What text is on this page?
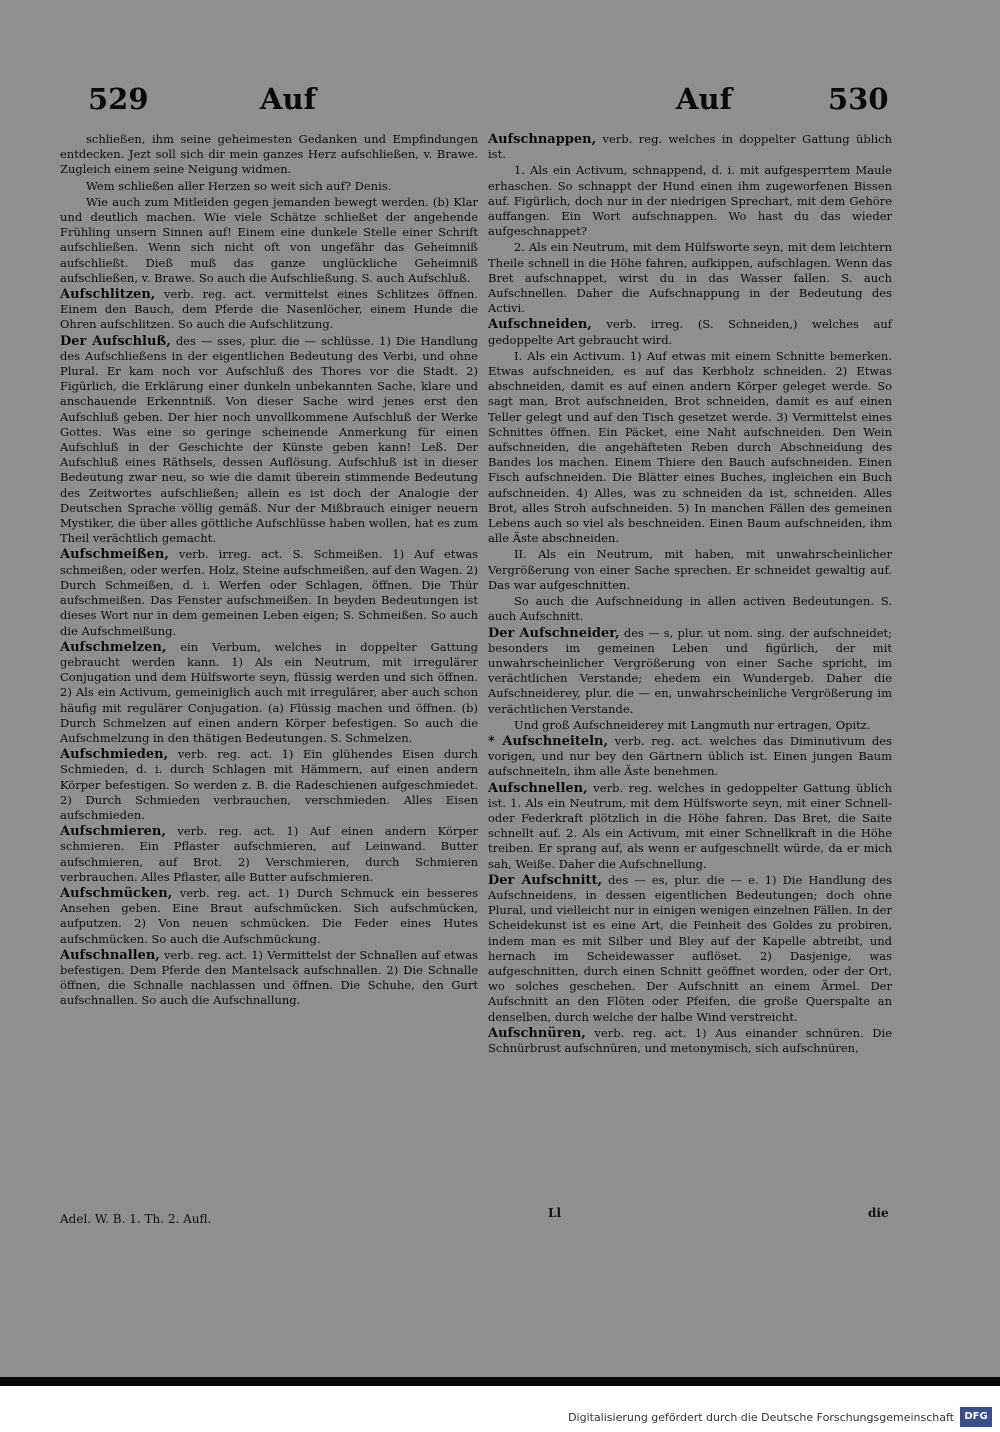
529	Auf	Auf	530
schließen, ihm seine geheimesten Gedanken und Empfindungen entdecken. Jezt soll sich dir mein ganzes Herz aufschließen, v. Brawe. Zugleich einem seine Neigung widmen.
Wem schließen aller Herzen so weit sich auf? Denis.
Wie auch zum Mitleiden gegen jemanden bewegt werden. (b) Klar und deutlich machen. Wie viele Schätze schließet der angehende Frühling unsern Sinnen auf! Einem eine dunkele Stelle einer Schrift aufschließen. Wenn sich nicht oft von ungefähr das Geheimniß aufschließt. Dieß muß das ganze unglückliche Geheimniß aufschließen, v. Brawe. So auch die Aufschließung. S. auch Aufschluß.
Aufschlitzen, verb. reg. act. vermittelst eines Schlitzes öffnen. Einem den Bauch, dem Pferde die Nasenlöcher, einem Hunde die Ohren aufschlitzen. So auch die Aufschlitzung.
Der Aufschluß, des — sses, plur. die — schlüsse. 1) Die Handlung des Aufschließens in der eigentlichen Bedeutung des Verbi, und ohne Plural. Er kam noch vor Aufschluß des Thores vor die Stadt. 2) Figürlich, die Erklärung einer dunkeln unbekannten Sache, klare und anschauende Erkenntniß. Von dieser Sache wird jenes erst den Aufschluß geben. Der hier noch unvollkommene Aufschluß der Werke Gottes. Was eine so geringe scheinende Anmerkung für einen Aufschluß in der Geschichte der Künste geben kann! Leß. Der Aufschluß eines Räthsels, dessen Auflösung. Aufschluß ist in dieser Bedeutung zwar neu, so wie die damit überein stimmende Bedeutung des Zeitwortes aufschließen; allein es ist doch der Analogie der Deutschen Sprache völlig gemäß. Nur der Mißbrauch einiger neuern Mystiker, die über alles göttliche Aufschlüsse haben wollen, hat es zum Theil verächtlich gemacht.
Aufschmeißen, verb. irreg. act. S. Schmeißen. 1) Auf etwas schmeißen, oder werfen. Holz, Steine aufschmeißen, auf den Wagen. 2) Durch Schmeißen, d. i. Werfen oder Schlagen, öffnen. Die Thür aufschmeißen. Das Fenster aufschmeißen. In beyden Bedeutungen ist dieses Wort nur in dem gemeinen Leben eigen; S. Schmeißen. So auch die Aufschmeißung.
Aufschmelzen, ein Verbum, welches in doppelter Gattung gebraucht werden kann. 1) Als ein Neutrum, mit irregulärer Conjugation und dem Hülfsworte seyn, flüssig werden und sich öffnen. 2) Als ein Activum, gemeiniglich auch mit irregulärer, aber auch schon häufig mit regulärer Conjugation. (a) Flüssig machen und öffnen. (b) Durch Schmelzen auf einen andern Körper befestigen. So auch die Aufschmelzung in den thätigen Bedeutungen. S. Schmelzen.
Aufschmieden, verb. reg. act. 1) Ein glühendes Eisen durch Schmieden, d. i. durch Schlagen mit Hämmern, auf einen andern Körper befestigen. So werden z. B. die Radeschienen aufgeschmiedet. 2) Durch Schmieden verbrauchen, verschmieden. Alles Eisen aufschmieden.
Aufschmieren, verb. reg. act. 1) Auf einen andern Körper schmieren. Ein Pflaster aufschmieren, auf Leinwand. Butter aufschmieren, auf Brot. 2) Verschmieren, durch Schmieren verbrauchen. Alles Pflaster, alle Butter aufschmieren.
Aufschmücken, verb. reg. act. 1) Durch Schmuck ein besseres Ansehen geben. Eine Braut aufschmücken. Sich aufschmücken, aufputzen. 2) Von neuen schmücken. Die Feder eines Hutes aufschmücken. So auch die Aufschmückung.
Aufschnallen, verb. reg. act. 1) Vermittelst der Schnallen auf etwas befestigen. Dem Pferde den Mantelsack aufschnallen. 2) Die Schnalle öffnen, die Schnalle nachlassen und öffnen. Die Schuhe, den Gurt aufschnallen. So auch die Aufschnallung.
Aufschnappen, verb. reg. welches in doppelter Gattung üblich ist.
1. Als ein Activum, schnappend, d. i. mit aufgesperrtem Maule erhaschen. So schnappt der Hund einen ihm zugeworfenen Bissen auf. Figürlich, doch nur in der niedrigen Sprechart, mit dem Gehöre auffangen. Ein Wort aufschnappen. Wo hast du das wieder aufgeschnappet?
2. Als ein Neutrum, mit dem Hülfsworte seyn, mit dem leichtern Theile schnell in die Höhe fahren, aufkippen, aufschlagen. Wenn das Bret aufschnappet, wirst du in das Wasser fallen. S. auch Aufschnellen. Daher die Aufschnappung in der Bedeutung des Activi.
Aufschneiden, verb. irreg. (S. Schneiden,) welches auf gedoppelte Art gebraucht wird.
I. Als ein Activum. 1) Auf etwas mit einem Schnitte bemerken. Etwas aufschneiden, es auf das Kerbholz schneiden. 2) Etwas abschneiden, damit es auf einen andern Körper geleget werde. So sagt man, Brot aufschneiden, Brot schneiden, damit es auf einen Teller gelegt und auf den Tisch gesetzet werde. 3) Vermittelst eines Schnittes öffnen. Ein Päcket, eine Naht aufschneiden. Den Wein aufschneiden, die angehäfteten Reben durch Abschneidung des Bandes los machen. Einem Thiere den Bauch aufschneiden. Einen Fisch aufschneiden. Die Blätter eines Buches, ingleichen ein Buch aufschneiden. 4) Alles, was zu schneiden da ist, schneiden. Alles Brot, alles Stroh aufschneiden. 5) In manchen Fällen des gemeinen Lebens auch so viel als beschneiden. Einen Baum aufschneiden, ihm alle Äste abschneiden.
II. Als ein Neutrum, mit haben, mit unwahrscheinlicher Vergrößerung von einer Sache sprechen. Er schneidet gewaltig auf. Das war aufgeschnitten.
So auch die Aufschneidung in allen activen Bedeutungen. S. auch Aufschnitt.
Der Aufschneider, des — s, plur. ut nom. sing. der aufschneidet; besonders im gemeinen Leben und figürlich, der mit unwahrscheinlicher Vergrößerung von einer Sache spricht, im verächtlichen Verstande; ehedem ein Wundergeb. Daher die Aufschneiderey, plur. die — en, unwahrscheinliche Vergrößerung im verächtlichen Verstande.
Und groß Aufschneiderey mit Langmuth nur ertragen, Opitz.
* Aufschneiteln, verb. reg. act. welches das Diminutivum des vorigen, und nur bey den Gärtnern üblich ist. Einen jungen Baum aufschneiteln, ihm alle Äste benehmen.
Aufschnellen, verb. reg. welches in gedoppelter Gattung üblich ist. 1. Als ein Neutrum, mit dem Hülfsworte seyn, mit einer Schnell- oder Federkraft plötzlich in die Höhe fahren. Das Bret, die Saite schnellt auf. 2. Als ein Activum, mit einer Schnellkraft in die Höhe treiben. Er sprang auf, als wenn er aufgeschnellt würde, da er mich sah, Weiße. Daher die Aufschnellung.
Der Aufschnitt, des — es, plur. die — e. 1) Die Handlung des Aufschneidens, in dessen eigentlichen Bedeutungen; doch ohne Plural, und vielleicht nur in einigen wenigen einzelnen Fällen. In der Scheidekunst ist es eine Art, die Feinheit des Goldes zu probiren, indem man es mit Silber und Bley auf der Kapelle abtreibt, und hernach im Scheidewasser auflöset. 2) Dasjenige, was aufgeschnitten, durch einen Schnitt geöffnet worden, oder der Ort, wo solches geschehen. Der Aufschnitt an einem Ärmel. Der Aufschnitt an den Flöten oder Pfeifen, die große Querspalte an denselben, durch welche der halbe Wind verstreicht.
Aufschnüren, verb. reg. act. 1) Aus einander schnüren. Die Schnürbrust aufschnüren, und metonymisch, sich aufschnüren,
Adel. W. B. 1. Th. 2. Aufl.	Ll	die
Digitalisierung gefördert durch die Deutsche Forschungsgemeinschaft	DFG
